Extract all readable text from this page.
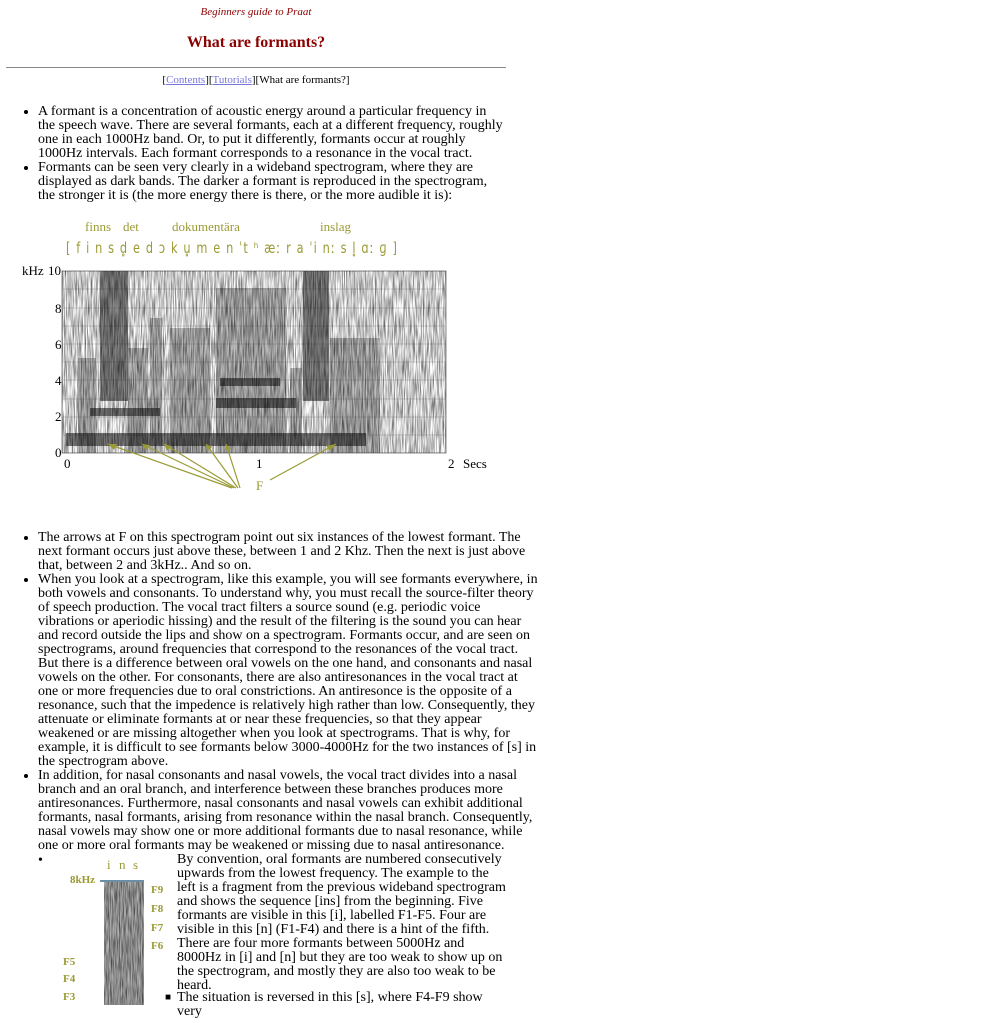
Beginners guide to Praat
What are formants?
[Contents][Tutorials][What are formants?]
• A formant is a concentration of acoustic energy around a particular frequency in the speech wave. There are several formants, each at a different frequency, roughly one in each 1000Hz band. Or, to put it differently, formants occur at roughly 1000Hz intervals. Each formant corresponds to a resonance in the vocal tract.
• Formants can be seen very clearly in a wideband spectrogram, where they are displayed as dark bands. The darker a formant is reproduced in the spectrogram, the stronger it is (the more energy there is there, or the more audible it is):
finns det	dokumentära	inslag
[ f i n s d̥ e d ɔ k u̥ m e n ˈt ʰ æː r a ˈi nː s l̥ ɑː ɡ ]
kHz 10
8
6
4
2
0
0	1	2 Secs
F
• The arrows at F on this spectrogram point out six instances of the lowest formant. The next formant occurs just above these, between 1 and 2 Khz. Then the next is just above that, between 2 and 3kHz.. And so on.
• When you look at a spectrogram, like this example, you will see formants everywhere, in both vowels and consonants. To understand why, you must recall the source-filter theory of speech production. The vocal tract filters a source sound (e.g. periodic voice vibrations or aperiodic hissing) and the result of the filtering is the sound you can hear and record outside the lips and show on a spectrogram. Formants occur, and are seen on spectrograms, around frequencies that correspond to the resonances of the vocal tract. But there is a difference between oral vowels on the one hand, and consonants and nasal vowels on the other. For consonants, there are also antiresonances in the vocal tract at one or more frequencies due to oral constrictions. An antiresonce is the opposite of a resonance, such that the impedence is relatively high rather than low. Consequently, they attenuate or eliminate formants at or near these frequencies, so that they appear weakened or are missing altogether when you look at spectrograms. That is why, for example, it is difficult to see formants below 3000-4000Hz for the two instances of [s] in the spectrogram above.
• In addition, for nasal consonants and nasal vowels, the vocal tract divides into a nasal branch and an oral branch, and interference between these branches produces more antiresonances. Furthermore, nasal consonants and nasal vowels can exhibit additional formants, nasal formants, arising from resonance within the nasal branch. Consequently, nasal vowels may show one or more additional formants due to nasal resonance, while one or more oral formants may be weakened or missing due to nasal antiresonance.
•	i n s
8kHz
F9
F8
F7
F6
F5
F4
F3
By convention, oral formants are numbered consecutively upwards from the lowest frequency. The example to the left is a fragment from the previous wideband spectrogram and shows the sequence [ins] from the beginning. Five formants are visible in this [i], labelled F1-F5. Four are visible in this [n] (F1-F4) and there is a hint of the fifth. There are four more formants between 5000Hz and 8000Hz in [i] and [n] but they are too weak to show up on the spectrogram, and mostly they are also too weak to be heard.
■ The situation is reversed in this [s], where F4-F9 show very
